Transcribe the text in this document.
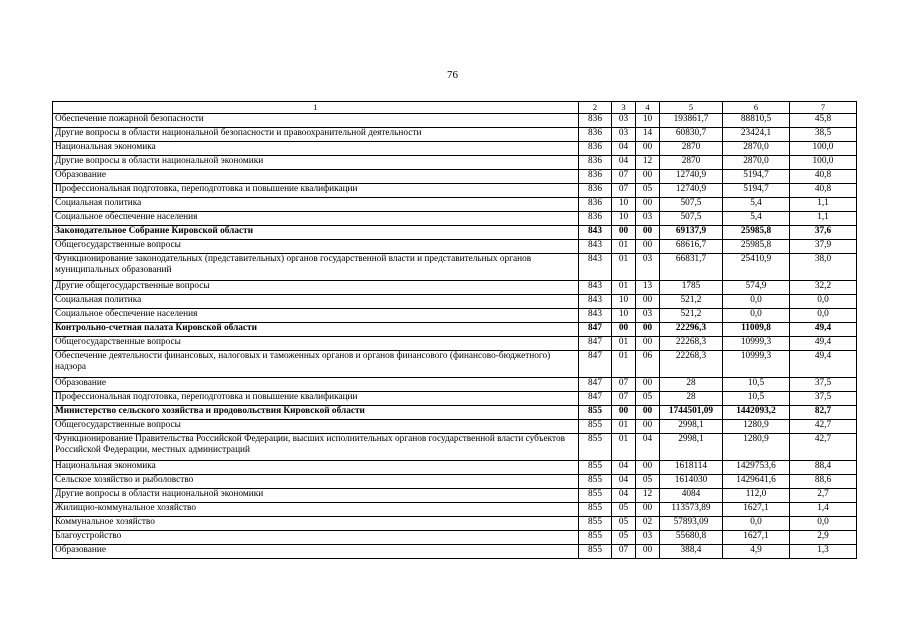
76
1	2	3	4	5	6	7
Обеспечение пожарной безопасности	836	03	10	193861,7	88810,5	45,8
Другие вопросы в области национальной безопасности и правоохранительной деятельности	836	03	14	60830,7	23424,1	38,5
Национальная экономика	836	04	00	2870	2870,0	100,0
Другие вопросы в области национальной экономики	836	04	12	2870	2870,0	100,0
Образование	836	07	00	12740,9	5194,7	40,8
Профессиональная подготовка, переподготовка и повышение квалификации	836	07	05	12740,9	5194,7	40,8
Социальная политика	836	10	00	507,5	5,4	1,1
Социальное обеспечение населения	836	10	03	507,5	5,4	1,1
Законодательное Собрание Кировской области	843	00	00	69137,9	25985,8	37,6
Общегосударственные вопросы	843	01	00	68616,7	25985,8	37,9
Функционирование законодательных (представительных) органов государственной власти и представительных органов муниципальных образований	843	01	03	66831,7	25410,9	38,0
Другие общегосударственные вопросы	843	01	13	1785	574,9	32,2
Социальная политика	843	10	00	521,2	0,0	0,0
Социальное обеспечение населения	843	10	03	521,2	0,0	0,0
Контрольно-счетная палата Кировской области	847	00	00	22296,3	11009,8	49,4
Общегосударственные вопросы	847	01	00	22268,3	10999,3	49,4
Обеспечение деятельности финансовых, налоговых и таможенных органов и органов финансового (финансово-бюджетного) надзора	847	01	06	22268,3	10999,3	49,4
Образование	847	07	00	28	10,5	37,5
Профессиональная подготовка, переподготовка и повышение квалификации	847	07	05	28	10,5	37,5
Министерство сельского хозяйства и продовольствия Кировской области	855	00	00	1744501,09	1442093,2	82,7
Общегосударственные вопросы	855	01	00	2998,1	1280,9	42,7
Функционирование Правительства Российской Федерации, высших исполнительных органов государственной власти субъектов Российской Федерации, местных администраций	855	01	04	2998,1	1280,9	42,7
Национальная экономика	855	04	00	1618114	1429753,6	88,4
Сельское хозяйство и рыболовство	855	04	05	1614030	1429641,6	88,6
Другие вопросы в области национальной экономики	855	04	12	4084	112,0	2,7
Жилищно-коммунальное хозяйство	855	05	00	113573,89	1627,1	1,4
Коммунальное хозяйство	855	05	02	57893,09	0,0	0,0
Благоустройство	855	05	03	55680,8	1627,1	2,9
Образование	855	07	00	388,4	4,9	1,3
